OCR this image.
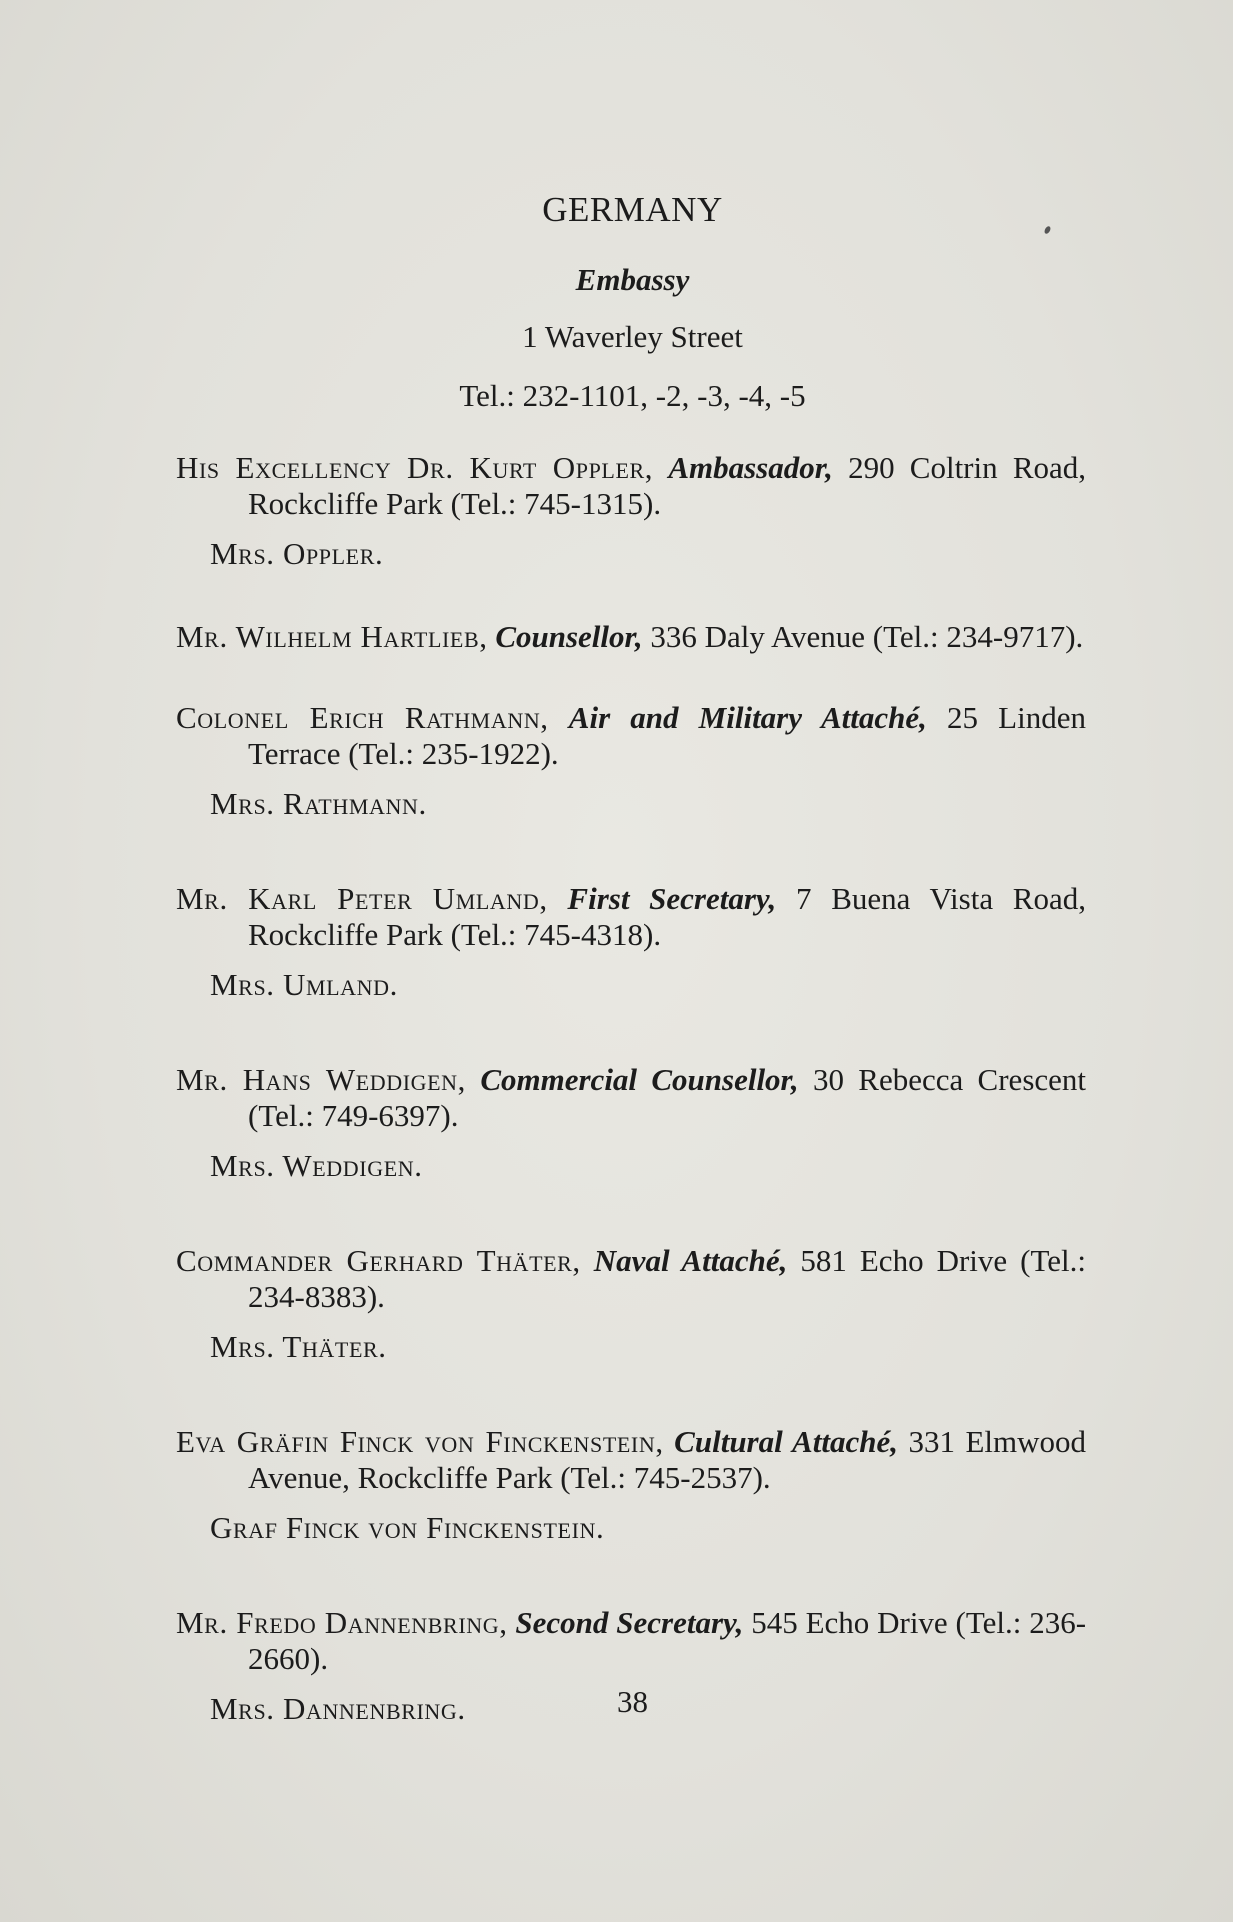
GERMANY
Embassy
1 Waverley Street
Tel.: 232-1101, -2, -3, -4, -5
His Excellency Dr. Kurt Oppler, Ambassador, 290 Coltrin Road, Rockcliffe Park (Tel.: 745-1315).
Mrs. Oppler.
Mr. Wilhelm Hartlieb, Counsellor, 336 Daly Avenue (Tel.: 234-9717).
Colonel Erich Rathmann, Air and Military Attaché, 25 Linden Terrace (Tel.: 235-1922).
Mrs. Rathmann.
Mr. Karl Peter Umland, First Secretary, 7 Buena Vista Road, Rockcliffe Park (Tel.: 745-4318).
Mrs. Umland.
Mr. Hans Weddigen, Commercial Counsellor, 30 Rebecca Crescent (Tel.: 749-6397).
Mrs. Weddigen.
Commander Gerhard Thäter, Naval Attaché, 581 Echo Drive (Tel.: 234-8383).
Mrs. Thäter.
Eva Gräfin Finck von Finckenstein, Cultural Attaché, 331 Elmwood Avenue, Rockcliffe Park (Tel.: 745-2537).
Graf Finck von Finckenstein.
Mr. Fredo Dannenbring, Second Secretary, 545 Echo Drive (Tel.: 236-2660).
Mrs. Dannenbring.	38
